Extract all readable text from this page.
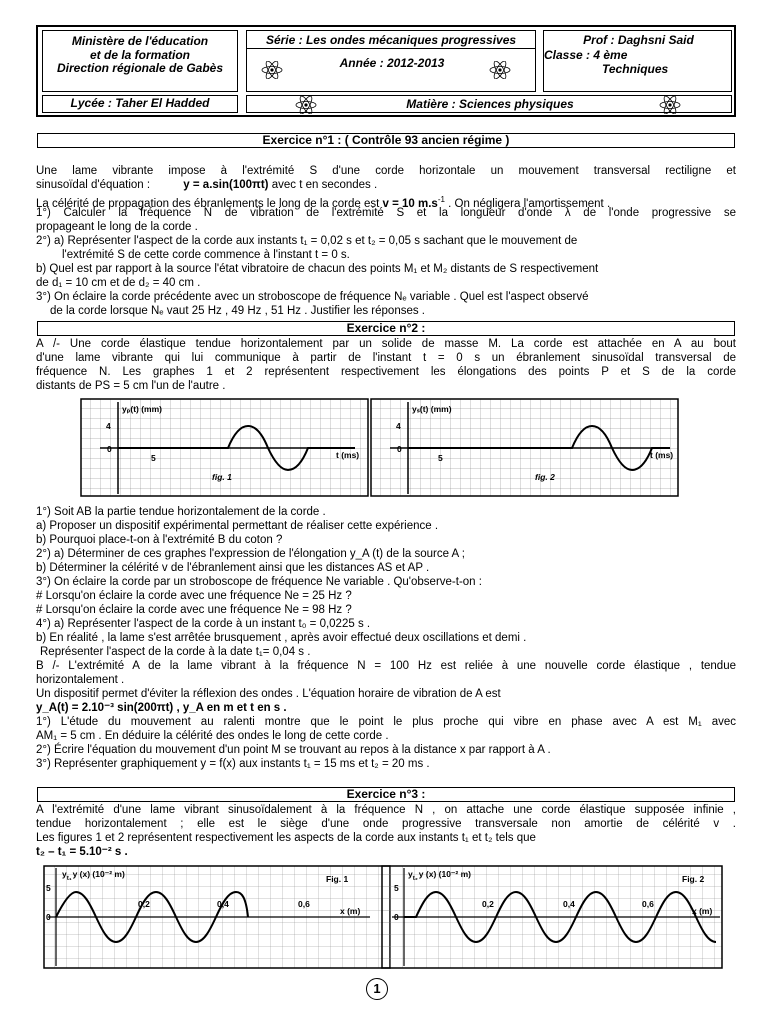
Ministère de l'éducation
et de la formation
Direction régionale de Gabès
Série : Les ondes mécaniques progressives
Année : 2012-2013
Prof : Daghsni Said
Classe : 4 ème
Techniques
Lycée : Taher El Hadded	Matière : Sciences physiques
Exercice n°1 : ( Contrôle 93 ancien régime )
Une lame vibrante impose à l'extrémité S d'une corde horizontale un mouvement transversal rectiligne et
sinusoïdal d'équation :	y = a.sin(100πt) avec t en secondes .
La célérité de propagation des ébranlements le long de la corde est v = 10 $m.s^{-1}$ . On négligera l'amortissement .
1°) Calculer la fréquence N de vibration de l'extrémité S et la longueur d'onde λ de l'onde progressive se
propageant le long de la corde .
2°) a) Représenter l'aspect de la corde aux instants t₁ = 0,02 s et t₂ = 0,05 s sachant que le mouvement de
l'extrémité S de cette corde commence à l'instant t = 0 s.
b) Quel est par rapport à la source l'état vibratoire de chacun des points M₁ et M₂ distants de S respectivement
de d₁ = 10 cm et de d₂ = 40 cm .
3°) On éclaire la corde précédente avec un stroboscope de fréquence Nₑ variable . Quel est l'aspect observé
de la corde lorsque Nₑ vaut 25 Hz , 49 Hz , 51 Hz . Justifier les réponses .
Exercice n°2 :
A /- Une corde élastique tendue horizontalement par un solide de masse M. La corde est attachée en A au bout
d'une lame vibrante qui lui communique à partir de l'instant t = 0 s un ébranlement sinusoïdal transversal de
fréquence N. Les graphes 1 et 2 représentent respectivement les élongations des points P et S de la corde
distants de PS = 5 cm l'un de l'autre .
yₚ(t) (mm)
4
0
5	t (ms)
fig. 1
yₛ(t) (mm)
4
0
5	t (ms)
fig. 2
1°) Soit AB la partie tendue horizontalement de la corde .
a) Proposer un dispositif expérimental permettant de réaliser cette expérience .
b) Pourquoi place-t-on à l'extrémité B du coton ?
2°) a) Déterminer de ces graphes l'expression de l'élongation y_A (t) de la source A ;
b) Déterminer la célérité v de l'ébranlement ainsi que les distances AS et AP .
3°) On éclaire la corde par un stroboscope de fréquence Ne variable . Qu'observe-t-on :
# Lorsqu'on éclaire la corde avec une fréquence Ne = 25 Hz ?
# Lorsqu'on éclaire la corde avec une fréquence Ne = 98 Hz ?
4°) a) Représenter l'aspect de la corde à un instant t₀ = 0,0225 s .
b) En réalité , la lame s'est arrêtée brusquement , après avoir effectué deux oscillations et demi .
Représenter l'aspect de la corde à la date t₁= 0,04 s .
B /- L'extrémité A de la lame vibrant à la fréquence N = 100 Hz est reliée à une nouvelle corde élastique , tendue
horizontalement .
Un dispositif permet d'éviter la réflexion des ondes . L'équation horaire de vibration de A est
y_A(t) = 2.10⁻³ sin(200πt) , y_A en m et t en s .
1°) L'étude du mouvement au ralenti montre que le point le plus proche qui vibre en phase avec A est M₁ avec
AM₁ = 5 cm . En déduire la célérité des ondes le long de cette corde .
2°) Écrire l'équation du mouvement d'un point M se trouvant au repos à la distance x par rapport à A .
3°) Représenter graphiquement y = f(x) aux instants t₁ = 15 ms et t₂ = 20 ms .
Exercice n°3 :
A l'extrémité d'une lame vibrant sinusoïdalement à la fréquence N , on attache une corde élastique supposée infinie ,
tendue horizontalement ; elle est le siège d'une onde progressive transversale non amortie de célérité v .
Les figures 1 et 2 représentent respectivement les aspects de la corde aux instants t₁ et t₂ tels que
t₂ – t₁ = 5.10⁻² s .
$y_{t_1}y$ (x) (10⁻² m)
5
0
0,2	0,4	0,6
x (m)
Fig. 1	$y_{t_2}y$ (x) (10⁻² m)
5
0
0,2	0,4	0,6
x (m)
Fig. 2
1
